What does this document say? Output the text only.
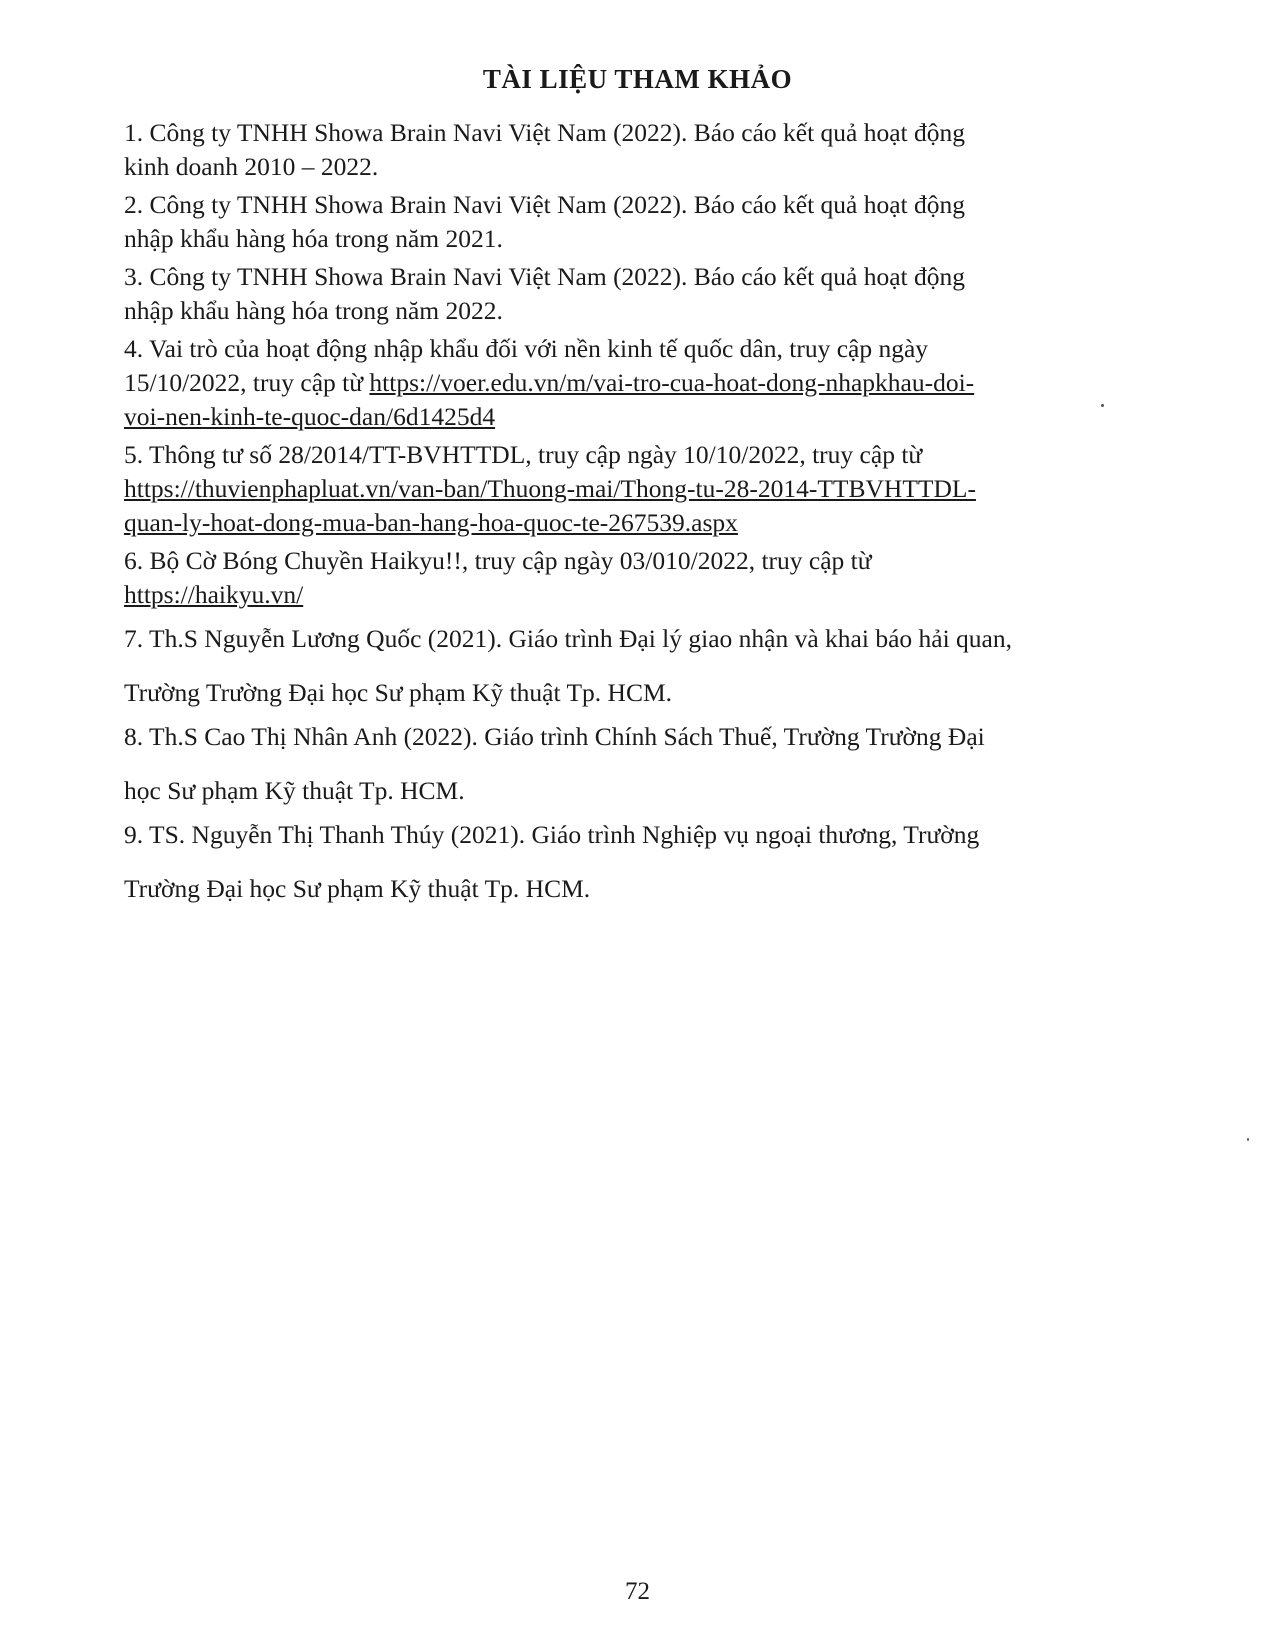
TÀI LIỆU THAM KHẢO
1. Công ty TNHH Showa Brain Navi Việt Nam (2022). Báo cáo kết quả hoạt động
kinh doanh 2010 – 2022.
2. Công ty TNHH Showa Brain Navi Việt Nam (2022). Báo cáo kết quả hoạt động
nhập khẩu hàng hóa trong năm 2021.
3. Công ty TNHH Showa Brain Navi Việt Nam (2022). Báo cáo kết quả hoạt động
nhập khẩu hàng hóa trong năm 2022.
4. Vai trò của hoạt động nhập khẩu đối với nền kinh tế quốc dân, truy cập ngày
15/10/2022, truy cập từ https://voer.edu.vn/m/vai-tro-cua-hoat-dong-nhapkhau-doi-
voi-nen-kinh-te-quoc-dan/6d1425d4
5. Thông tư số 28/2014/TT-BVHTTDL, truy cập ngày 10/10/2022, truy cập từ
https://thuvienphapluat.vn/van-ban/Thuong-mai/Thong-tu-28-2014-TTBVHTTDL-
quan-ly-hoat-dong-mua-ban-hang-hoa-quoc-te-267539.aspx
6. Bộ Cờ Bóng Chuyền Haikyu!!, truy cập ngày 03/010/2022, truy cập từ
https://haikyu.vn/
7. Th.S Nguyễn Lương Quốc (2021). Giáo trình Đại lý giao nhận và khai báo hải quan,
Trường Trường Đại học Sư phạm Kỹ thuật Tp. HCM.
8. Th.S Cao Thị Nhân Anh (2022). Giáo trình Chính Sách Thuế, Trường Trường Đại
học Sư phạm Kỹ thuật Tp. HCM.
9. TS. Nguyễn Thị Thanh Thúy (2021). Giáo trình Nghiệp vụ ngoại thương, Trường
Trường Đại học Sư phạm Kỹ thuật Tp. HCM.
72
